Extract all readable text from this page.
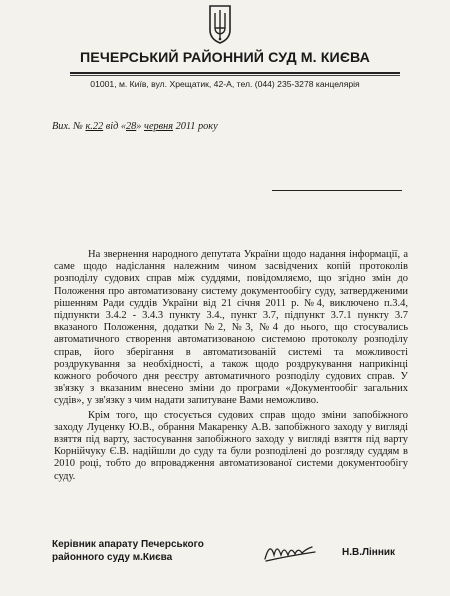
ПЕЧЕРСЬКИЙ РАЙОННИЙ СУД М. КИЄВА
01001, м. Київ, вул. Хрещатик, 42-А, тел. (044) 235-3278 канцелярія
Вих. № к.22 від «28» червня 2011 року

На звернення народного депутата України щодо надання інформації, а саме щодо надіслання належним чином засвідчених копій протоколів розподілу судових справ між суддями, повідомляємо, що згідно змін до Положення про автоматизовану систему документообігу суду, затвердженими рішенням Ради суддів України від 21 січня 2011 р. №4, виключено п.3.4, підпункти 3.4.2 - 3.4.3 пункту 3.4., пункт 3.7, підпункт 3.7.1 пункту 3.7 вказаного Положення, додатки №2, №3, №4 до нього, що стосувались автоматичного створення автоматизованою системою протоколу розподілу справ, його зберігання в автоматизованій системі та можливості роздрукування за необхідності, а також щодо роздрукування наприкінці кожного робочого дня реєстру автоматичного розподілу судових справ. У зв'язку з вказаним внесено зміни до програми «Документообіг загальних судів», у зв'язку з чим надати запитуване Вами неможливо.

Крім того, що стосується судових справ щодо зміни запобіжного заходу Луценку Ю.В., обрання Макаренку А.В. запобіжного заходу у вигляді взяття під варту, застосування запобіжного заходу у вигляді взяття під варту Корнійчуку Є.В. надійшли до суду та були розподілені до розгляду суддям в 2010 році, тобто до впровадження автоматизованої системи документообігу суду.

Керівник апарату Печерського
районного суду м.Києва	Н.В.Лінник
